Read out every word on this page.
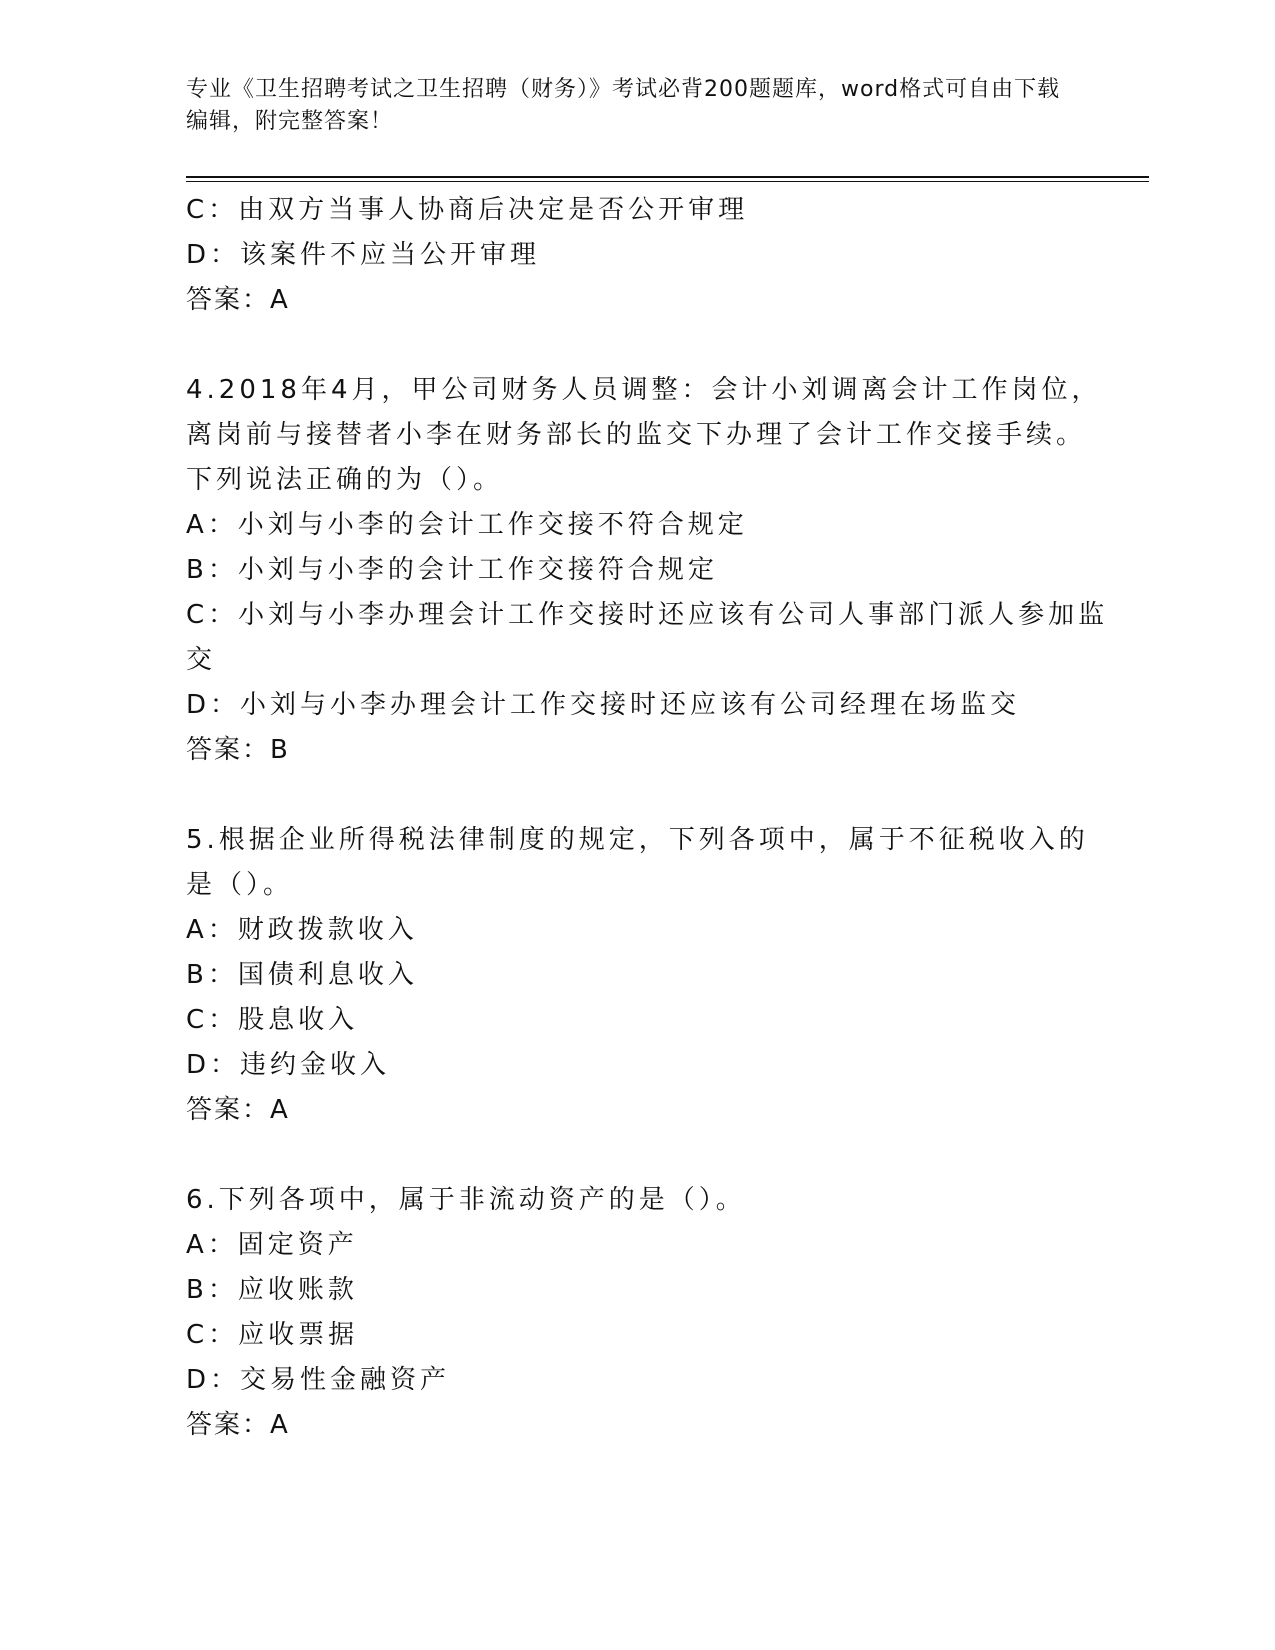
专业《卫生招聘考试之卫生招聘（财务）》考试必背200题题库，word格式可自由下载编辑，附完整答案！

C：由双方当事人协商后决定是否公开审理

D：该案件不应当公开审理

答案：A

4.2018年4月，甲公司财务人员调整：会计小刘调离会计工作岗位，

离岗前与接替者小李在财务部长的监交下办理了会计工作交接手续。

下列说法正确的为（）。

A：小刘与小李的会计工作交接不符合规定

B：小刘与小李的会计工作交接符合规定

C：小刘与小李办理会计工作交接时还应该有公司人事部门派人参加监

交

D：小刘与小李办理会计工作交接时还应该有公司经理在场监交

答案：B

5.根据企业所得税法律制度的规定，下列各项中，属于不征税收入的

是（）。

A：财政拨款收入

B：国债利息收入

C：股息收入

D：违约金收入

答案：A

6.下列各项中，属于非流动资产的是（）。

A：固定资产

B：应收账款

C：应收票据

D：交易性金融资产

答案：A
